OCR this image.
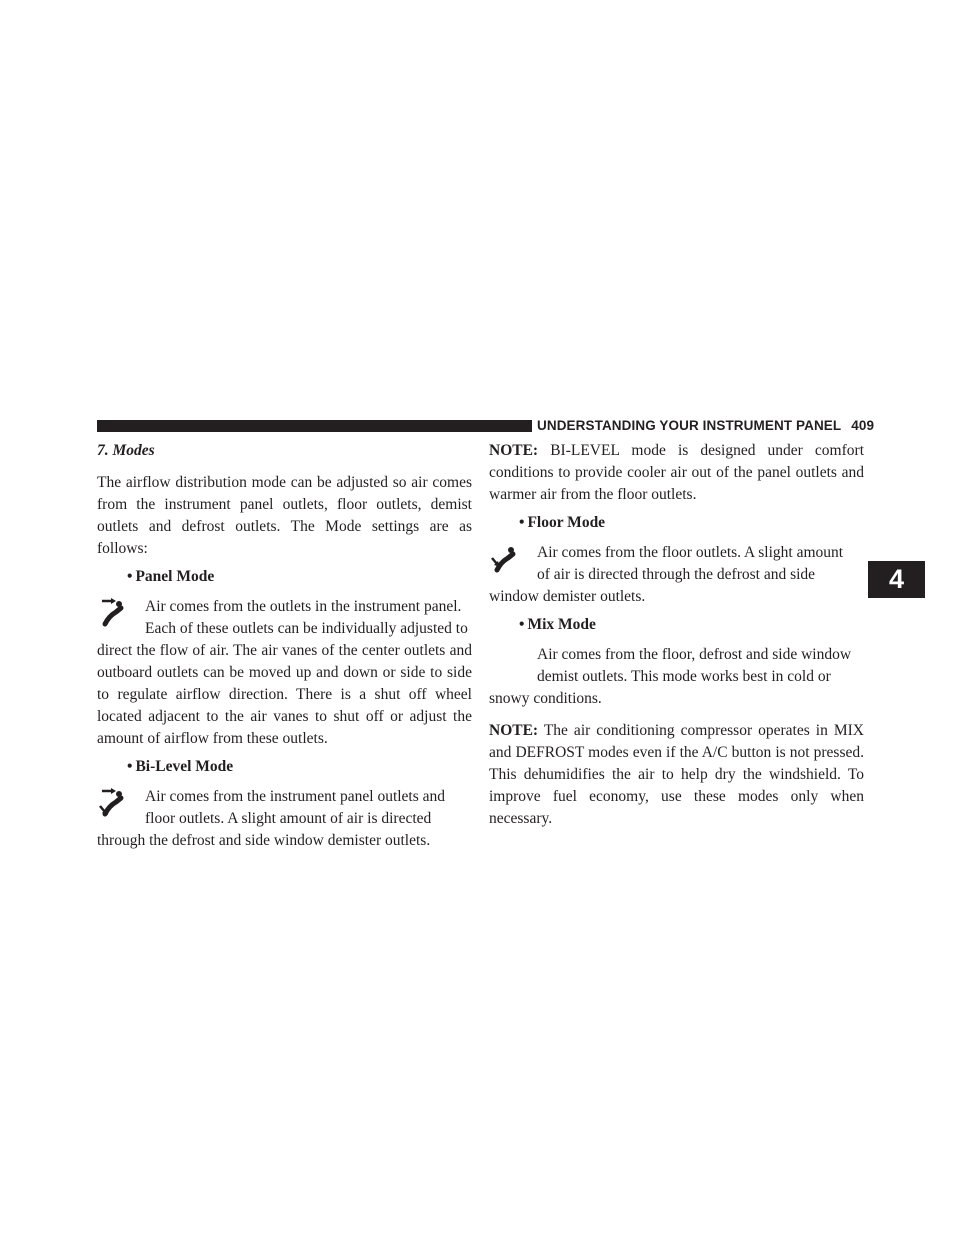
UNDERSTANDING YOUR INSTRUMENT PANEL 409
4
7. Modes

The airflow distribution mode can be adjusted so air comes from the instrument panel outlets, floor outlets, demist outlets and defrost outlets. The Mode settings are as follows:

• Panel Mode
Air comes from the outlets in the instrument panel.
Each of these outlets can be individually adjusted to

direct the flow of air. The air vanes of the center outlets and outboard outlets can be moved up and down or side to side to regulate airflow direction. There is a shut off wheel located adjacent to the air vanes to shut off or adjust the amount of airflow from these outlets.

• Bi-Level Mode
Air comes from the instrument panel outlets and
floor outlets. A slight amount of air is directed

through the defrost and side window demister outlets.

NOTE: BI-LEVEL mode is designed under comfort conditions to provide cooler air out of the panel outlets and warmer air from the floor outlets.

• Floor Mode
Air comes from the floor outlets. A slight amount
of air is directed through the defrost and side

window demister outlets.

• Mix Mode
Air comes from the floor, defrost and side window
demist outlets. This mode works best in cold or

snowy conditions.

NOTE: The air conditioning compressor operates in MIX and DEFROST modes even if the A/C button is not pressed. This dehumidifies the air to help dry the windshield. To improve fuel economy, use these modes only when necessary.
